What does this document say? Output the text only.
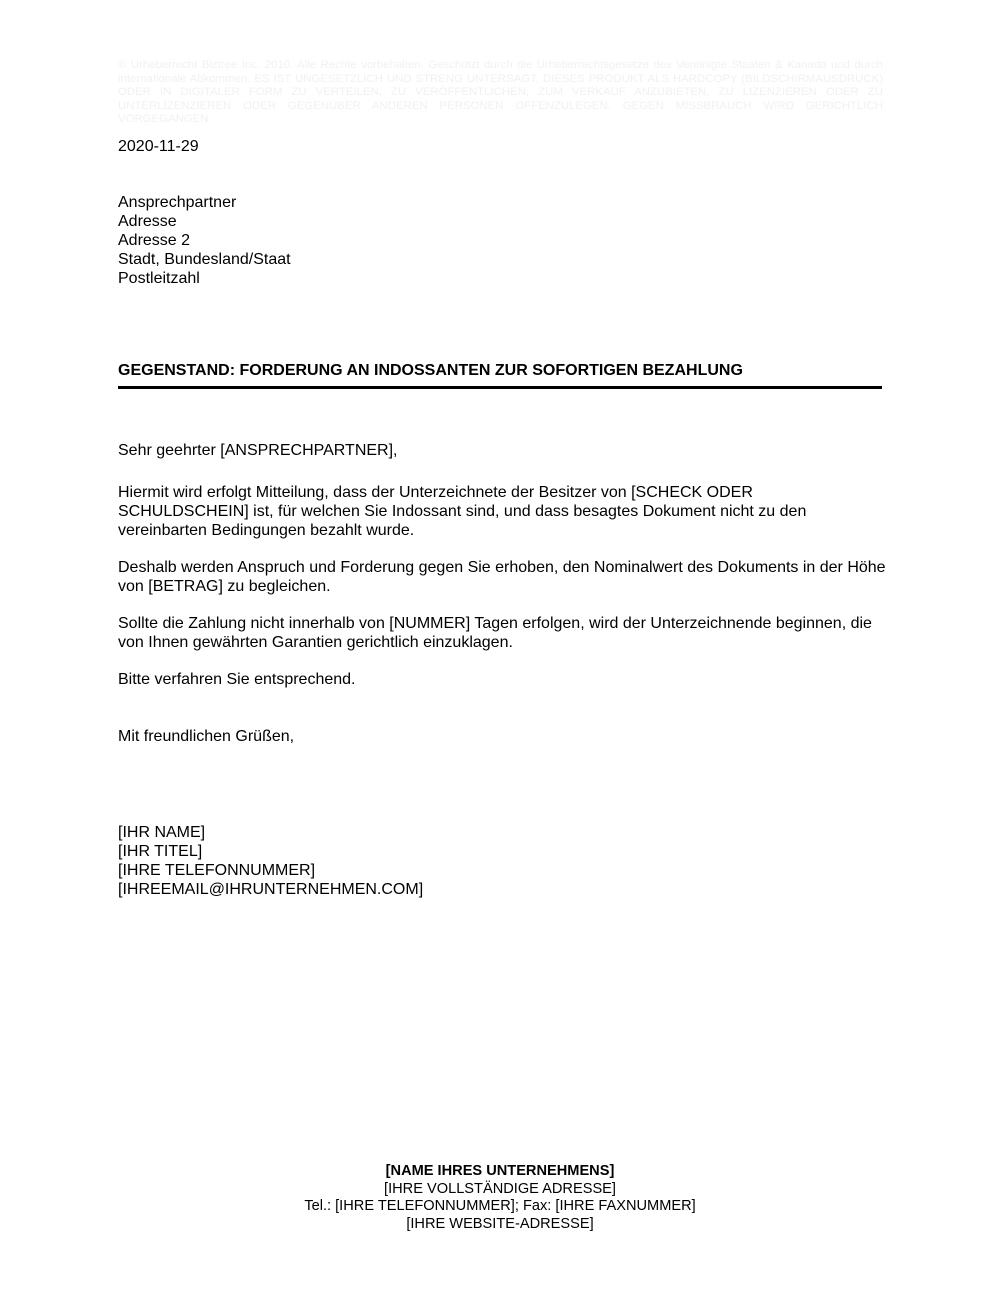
© Urheberrecht Biztree Inc. 2010. Alle Rechte vorbehalten. Geschützt durch die Urheberrechtsgesetze des Vereinigte Staaten & Kanada und durch internationale Abkommen. ES IST UNGESETZLICH UND STRENG UNTERSAGT, DIESES PRODUKT ALS HARDCOPY (BILDSCHIRMAUSDRUCK) ODER IN DIGITALER FORM ZU VERTEILEN, ZU VERÖFFENTLICHEN, ZUM VERKAUF ANZUBIETEN, ZU LIZENZIEREN ODER ZU UNTERLIZENZIEREN ODER GEGENÜBER ANDEREN PERSONEN OFFENZULEGEN. GEGEN MISSBRAUCH WIRD GERICHTLICH VORGEGANGEN.

2020-11-29

Ansprechpartner
Adresse
Adresse 2
Stadt, Bundesland/Staat
Postleitzahl
GEGENSTAND: FORDERUNG AN INDOSSANTEN ZUR SOFORTIGEN BEZAHLUNG

Sehr geehrter [ANSPRECHPARTNER],

Hiermit wird erfolgt Mitteilung, dass der Unterzeichnete der Besitzer von [SCHECK ODER SCHULDSCHEIN] ist, für welchen Sie Indossant sind, und dass besagtes Dokument nicht zu den vereinbarten Bedingungen bezahlt wurde.

Deshalb werden Anspruch und Forderung gegen Sie erhoben, den Nominalwert des Dokuments in der Höhe von [BETRAG] zu begleichen.

Sollte die Zahlung nicht innerhalb von [NUMMER] Tagen erfolgen, wird der Unterzeichnende beginnen, die von Ihnen gewährten Garantien gerichtlich einzuklagen.

Bitte verfahren Sie entsprechend.

Mit freundlichen Grüßen,

[IHR NAME]
[IHR TITEL]
[IHRE TELEFONNUMMER]
[IHREEMAIL@IHRUNTERNEHMEN.COM]
[NAME IHRES UNTERNEHMENS]
[IHRE VOLLSTÄNDIGE ADRESSE]
Tel.: [IHRE TELEFONNUMMER]; Fax: [IHRE FAXNUMMER]
[IHRE WEBSITE-ADRESSE]
